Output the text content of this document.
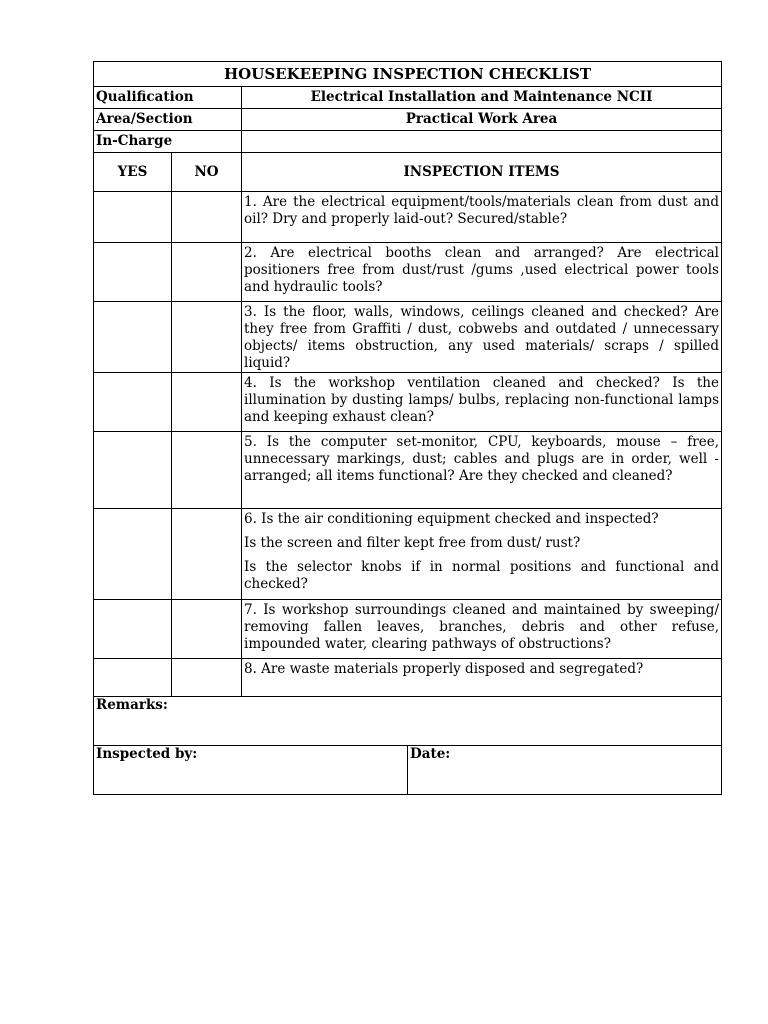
HOUSEKEEPING INSPECTION CHECKLIST			
Qualification		Electrical Installation and Maintenance NCII	
Area/Section		Practical Work Area	
In-Charge			
YES	NO	INSPECTION ITEMS	

		1. Are the electrical equipment/tools/materials clean from dust and oil? Dry and properly laid-out? Secured/stable?	

		2. Are electrical booths clean and arranged? Are electrical positioners free from dust/rust /gums ,used electrical power tools and hydraulic tools?	

		3. Is the floor, walls, windows, ceilings cleaned and checked? Are they free from Graffiti / dust, cobwebs and outdated / unnecessary objects/ items obstruction, any used materials/ scraps / spilled liquid?	

		4. Is the workshop ventilation cleaned and checked? Is the illumination by dusting lamps/ bulbs, replacing non-functional lamps and keeping exhaust clean?	

		5. Is the computer set-monitor, CPU, keyboards, mouse – free, unnecessary markings, dust; cables and plugs are in order, well -arranged; all items functional? Are they checked and cleaned?	

		6. Is the air conditioning equipment checked and inspected?

Is the screen and filter kept free from dust/ rust?

Is the selector knobs if in normal positions and functional and checked?	

		7. Is workshop surroundings cleaned and maintained by sweeping/ removing fallen leaves, branches, debris and other refuse, impounded water, clearing pathways of obstructions?	

		8. Are waste materials properly disposed and segregated?	

Remarks:			
Inspected by:			Date:
